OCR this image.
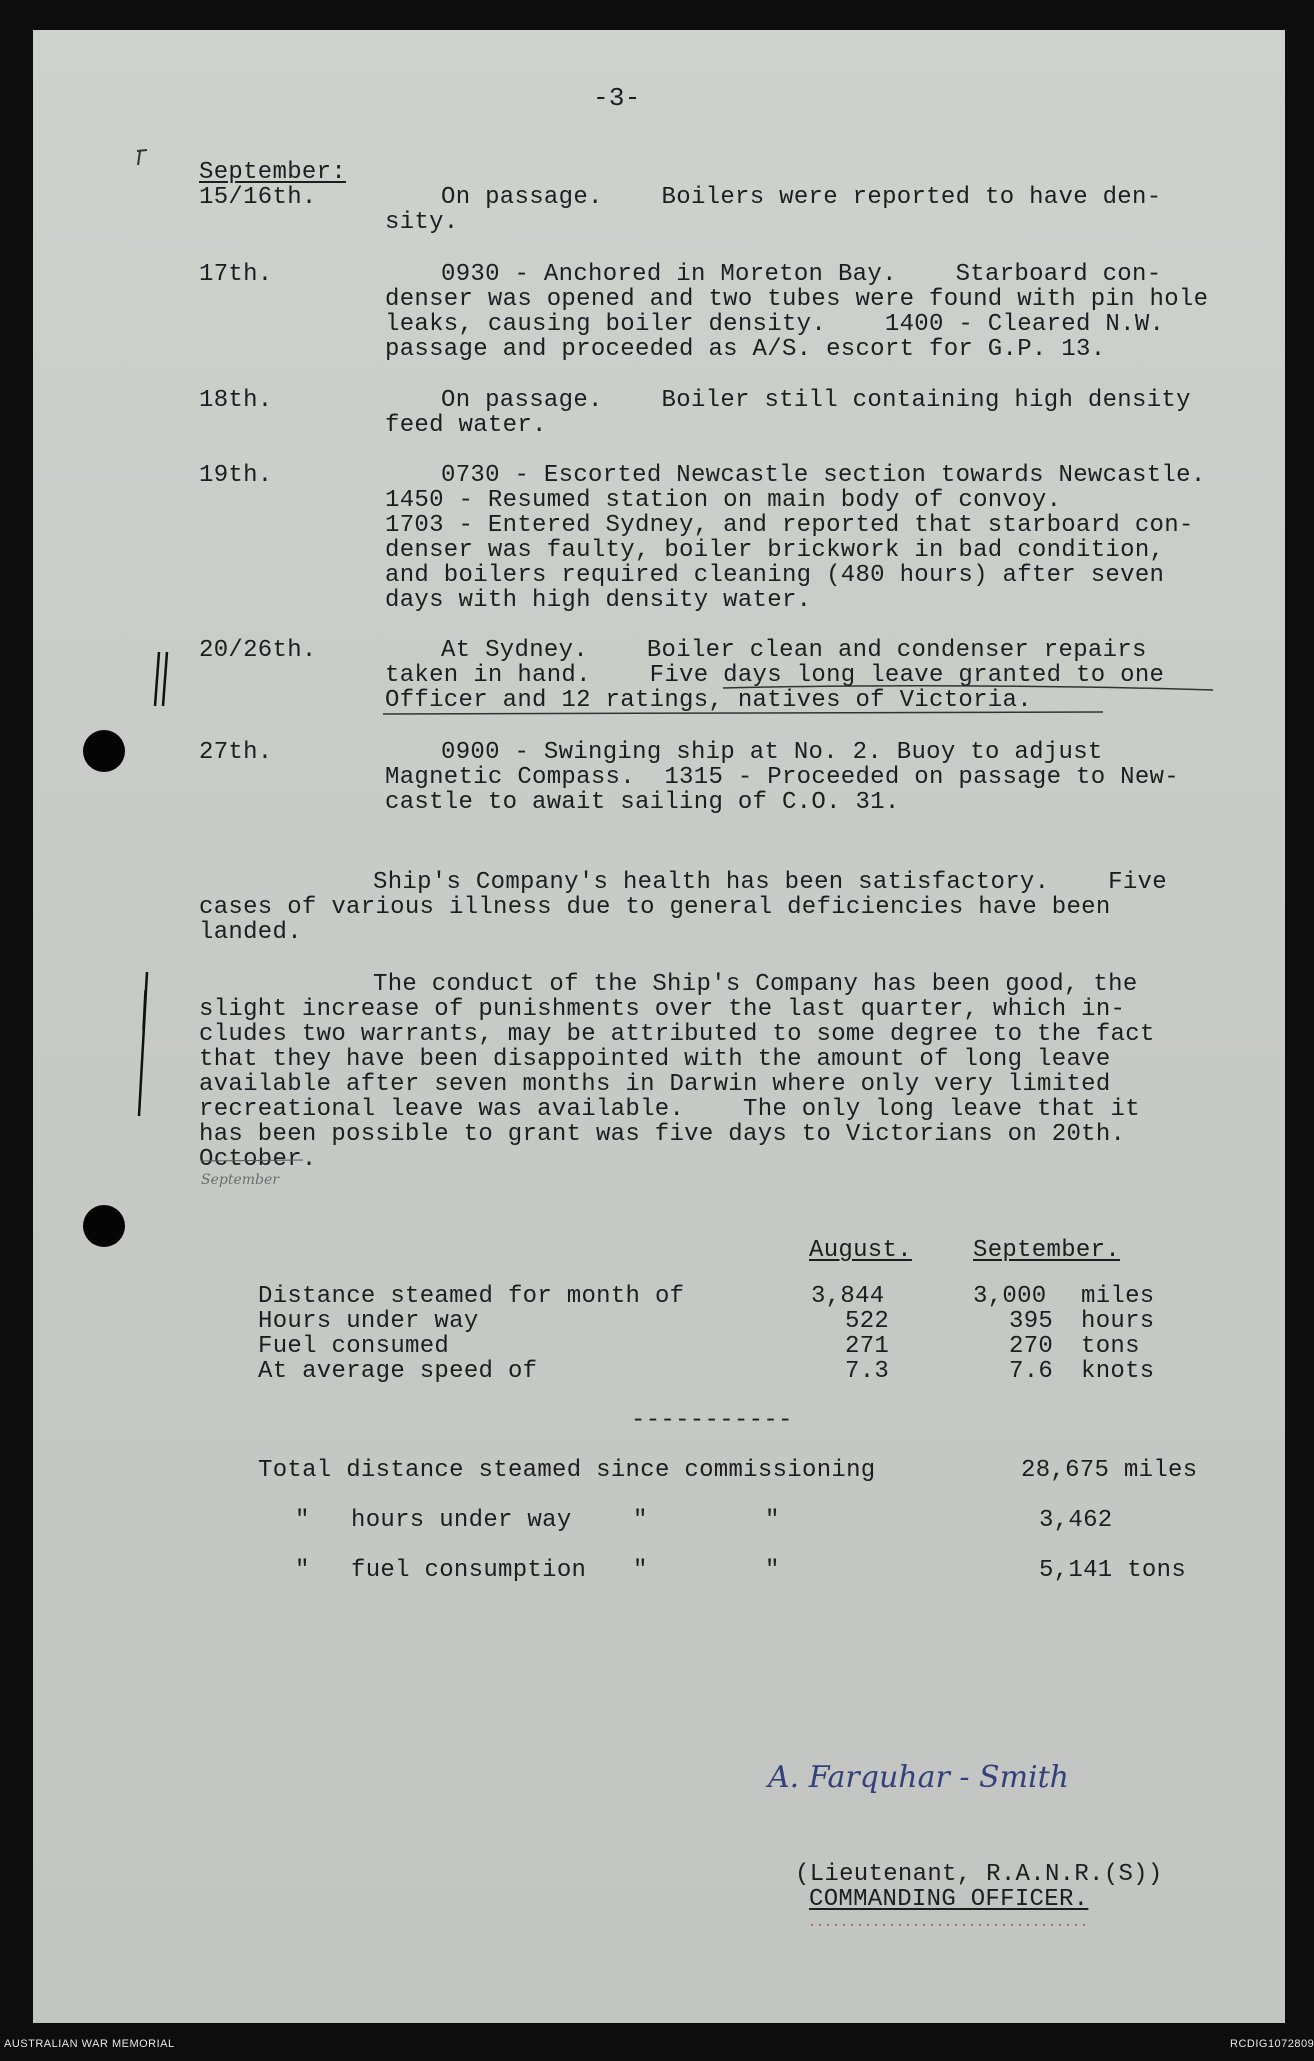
-3-
September:
15/16th.	On passage.    Boilers were reported to have den-
sity.
17th.	0930 - Anchored in Moreton Bay.    Starboard con-
denser was opened and two tubes were found with pin hole
leaks, causing boiler density.    1400 - Cleared N.W.
passage and proceeded as A/S. escort for G.P. 13.
18th.	On passage.    Boiler still containing high density
feed water.
19th.	0730 - Escorted Newcastle section towards Newcastle.
1450 - Resumed station on main body of convoy.
1703 - Entered Sydney, and reported that starboard con-
denser was faulty, boiler brickwork in bad condition,
and boilers required cleaning (480 hours) after seven
days with high density water.
20/26th.	At Sydney.    Boiler clean and condenser repairs
taken in hand.    Five days long leave granted to one
Officer and 12 ratings, natives of Victoria.
27th.	0900 - Swinging ship at No. 2. Buoy to adjust
Magnetic Compass.  1315 - Proceeded on passage to New-
castle to await sailing of C.O. 31.
Ship's Company's health has been satisfactory.    Five
cases of various illness due to general deficiencies have been
landed.
The conduct of the Ship's Company has been good, the
slight increase of punishments over the last quarter, which in-
cludes two warrants, may be attributed to some degree to the fact
that they have been disappointed with the amount of long leave
available after seven months in Darwin where only very limited
recreational leave was available.    The only long leave that it
has been possible to grant was five days to Victorians on 20th.
October.
September
August.	September.
Distance steamed for month of	3,844	3,000 miles
Hours under way	522	395 hours
Fuel consumed	271	270 tons
At average speed of	7.3	7.6 knots
-----------
Total distance steamed since commissioning	28,675 miles
" hours under way	"	"	3,462
" fuel consumption "	"	5,141 tons
A. Farquhar - Smith
(Lieutenant, R.A.N.R.(S))
COMMANDING OFFICER.
AUSTRALIAN WAR MEMORIAL	RCDIG1072809
